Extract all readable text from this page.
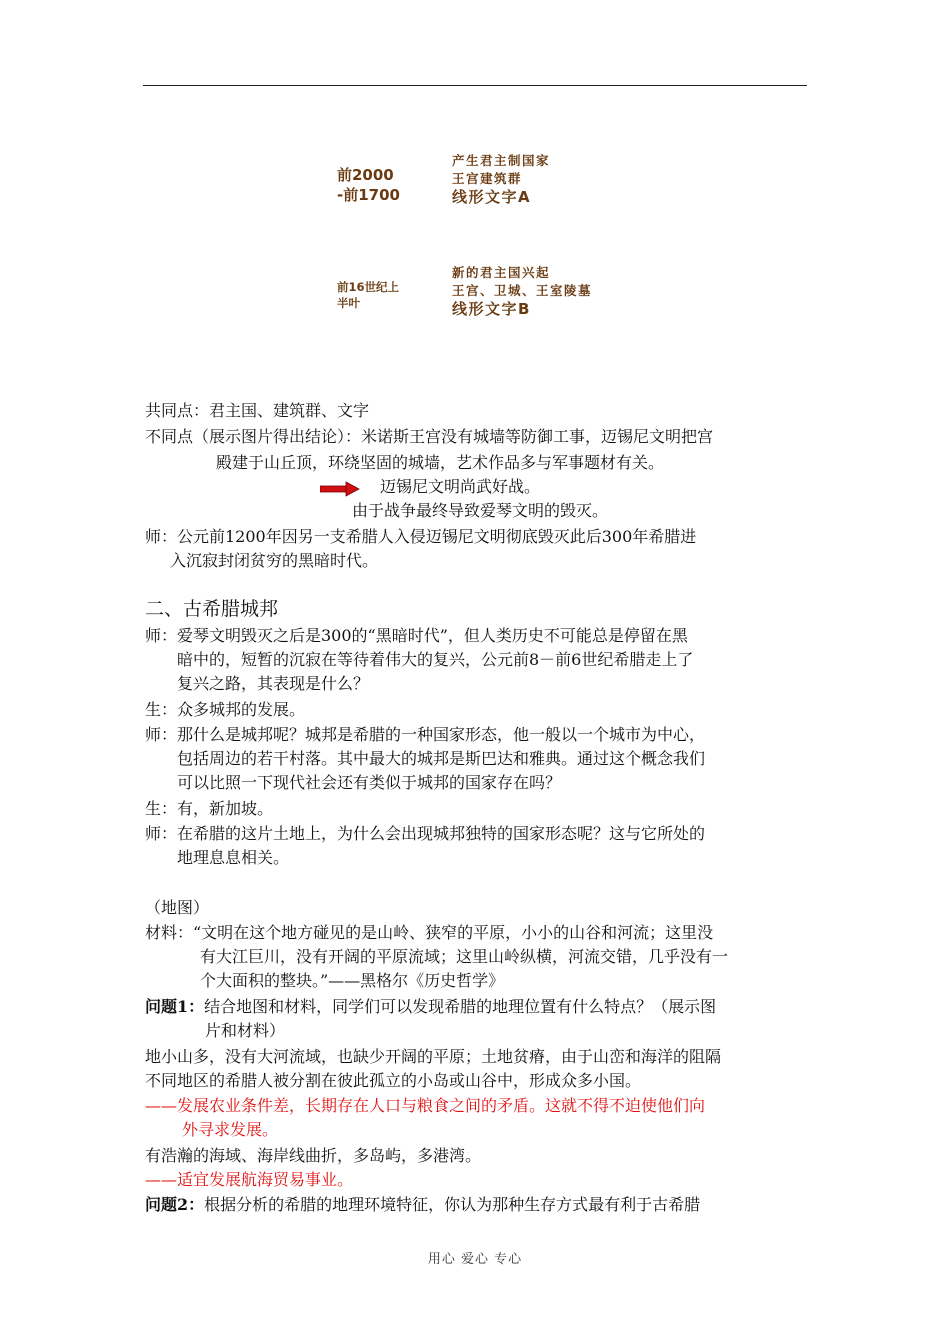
前2000
-前1700
产生君主制国家
王宫建筑群
线形文字A
前16世纪上
半叶
新的君主国兴起
王宫、卫城、王室陵墓
线形文字B
共同点：君主国、建筑群、文字
不同点（展示图片得出结论）：米诺斯王宫没有城墙等防御工事，迈锡尼文明把宫
殿建于山丘顶，环绕坚固的城墙，艺术作品多与军事题材有关。
迈锡尼文明尚武好战。
由于战争最终导致爱琴文明的毁灭。
师：公元前1200年因另一支希腊人入侵迈锡尼文明彻底毁灭此后300年希腊进
入沉寂封闭贫穷的黑暗时代。
二、古希腊城邦
师：爱琴文明毁灭之后是300的“黑暗时代”，但人类历史不可能总是停留在黑
暗中的，短暂的沉寂在等待着伟大的复兴，公元前8－前6世纪希腊走上了
复兴之路，其表现是什么？
生：众多城邦的发展。
师：那什么是城邦呢？城邦是希腊的一种国家形态，他一般以一个城市为中心，
包括周边的若干村落。其中最大的城邦是斯巴达和雅典。通过这个概念我们
可以比照一下现代社会还有类似于城邦的国家存在吗？
生：有，新加坡。
师：在希腊的这片土地上，为什么会出现城邦独特的国家形态呢？这与它所处的
地理息息相关。
（地图）
材料：“文明在这个地方碰见的是山岭、狭窄的平原，小小的山谷和河流；这里没
有大江巨川，没有开阔的平原流域；这里山岭纵横，河流交错，几乎没有一
个大面积的整块。”——黑格尔《历史哲学》
问题1：结合地图和材料，同学们可以发现希腊的地理位置有什么特点？（展示图
片和材料）
地小山多，没有大河流域，也缺少开阔的平原；土地贫瘠，由于山峦和海洋的阻隔
不同地区的希腊人被分割在彼此孤立的小岛或山谷中，形成众多小国。
——发展农业条件差，长期存在人口与粮食之间的矛盾。这就不得不迫使他们向
外寻求发展。
有浩瀚的海域、海岸线曲折，多岛屿，多港湾。
——适宜发展航海贸易事业。
问题2：根据分析的希腊的地理环境特征，你认为那种生存方式最有利于古希腊
用心 爱心 专心
